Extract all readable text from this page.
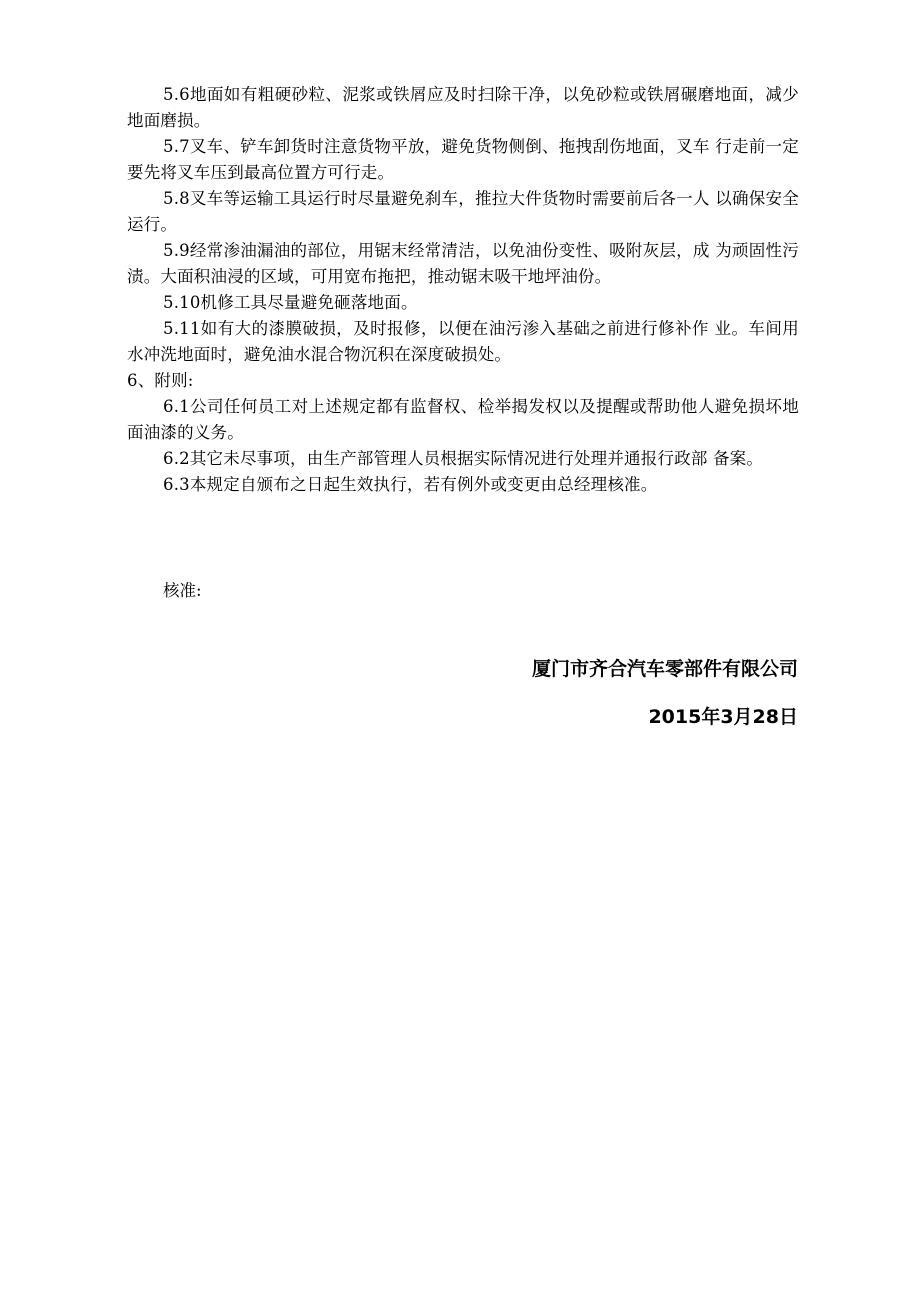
5.6地面如有粗硬砂粒、泥浆或铁屑应及时扫除干净，以免砂粒或铁屑碾磨地面，减少地面磨损。

5.7叉车、铲车卸货时注意货物平放，避免货物侧倒、拖拽刮伤地面，叉车 行走前一定要先将叉车压到最高位置方可行走。

5.8叉车等运输工具运行时尽量避免刹车，推拉大件货物时需要前后各一人 以确保安全运行。

5.9经常渗油漏油的部位，用锯末经常清洁，以免油份变性、吸附灰层，成 为顽固性污渍。大面积油浸的区域，可用宽布拖把，推动锯末吸干地坪油份。

5.10机修工具尽量避免砸落地面。

5.11如有大的漆膜破损，及时报修，以便在油污渗入基础之前进行修补作 业。车间用水冲洗地面时，避免油水混合物沉积在深度破损处。

6、附则:

6.1公司任何员工对上述规定都有监督权、检举揭发权以及提醒或帮助他人避免损坏地面油漆的义务。

6.2其它未尽事项，由生产部管理人员根据实际情况进行处理并通报行政部 备案。

6.3本规定自颁布之日起生效执行，若有例外或变更由总经理核准。

核准:
厦门市齐合汽车零部件有限公司
2015年3月28日
